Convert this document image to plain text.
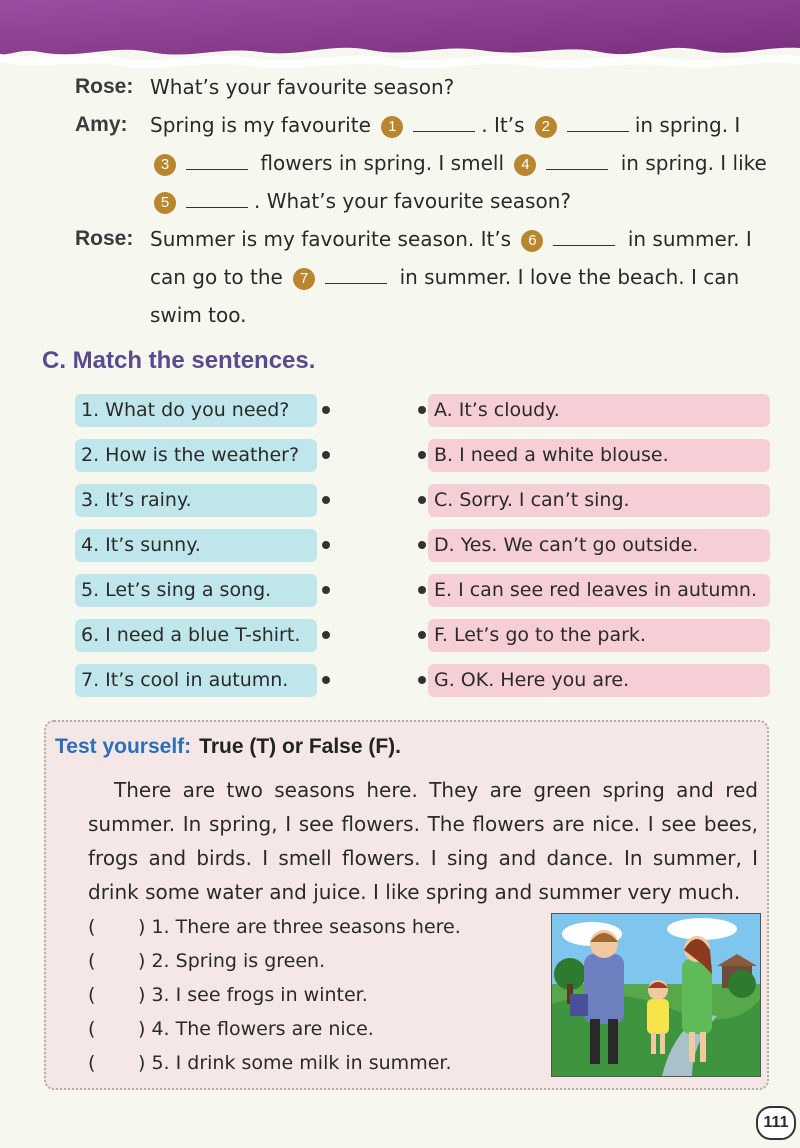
Rose: What’s your favourite season?
Amy: Spring is my favourite 1	. It’s 2	in spring. I
3	flowers in spring. I smell 4	in spring. I like
5	. What’s your favourite season?
Rose: Summer is my favourite season. It’s 6	in summer. I
can go to the 7	in summer. I love the beach. I can
swim too.
C. Match the sentences.
1. What do you need?
2. How is the weather?
3. It’s rainy.
4. It’s sunny.
5. Let’s sing a song.
6. I need a blue T-shirt.
7. It’s cool in autumn.
A. It’s cloudy.
B. I need a white blouse.
C. Sorry. I can’t sing.
D. Yes. We can’t go outside.
E. I can see red leaves in autumn.
F. Let’s go to the park.
G. OK. Here you are.
Test yourself: True (T) or False (F).
There are two seasons here. They are green spring and red summer. In spring, I see flowers. The flowers are nice. I see bees, frogs and birds. I smell flowers. I sing and dance. In summer, I drink some water and juice. I like spring and summer very much.
( ) 1. There are three seasons here.
( ) 2. Spring is green.
( ) 3. I see frogs in winter.
( ) 4. The flowers are nice.
( ) 5. I drink some milk in summer.
111
